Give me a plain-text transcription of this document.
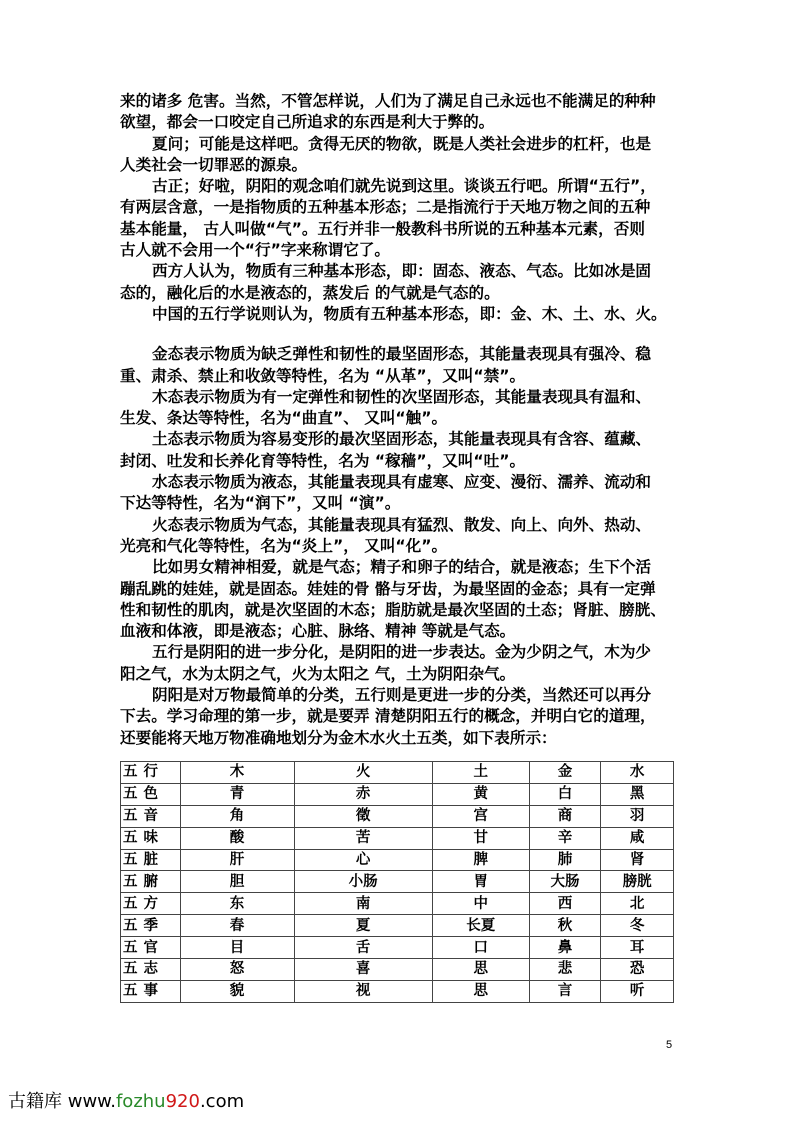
来的诸多 危害。当然，不管怎样说，人们为了满足自己永远也不能满足的种种
欲望，都会一口咬定自己所追求的东西是利大于弊的。
夏问；可能是这样吧。贪得无厌的物欲，既是人类社会进步的杠杆，也是
人类社会一切罪恶的源泉。
古正；好啦，阴阳的观念咱们就先说到这里。谈谈五行吧。所谓“五行”，
有两层含意，一是指物质的五种基本形态；二是指流行于天地万物之间的五种
基本能量， 古人叫做“气”。五行并非一般教科书所说的五种基本元素，否则
古人就不会用一个“行”字来称谓它了。
西方人认为，物质有三种基本形态，即：固态、液态、气态。比如冰是固
态的，融化后的水是液态的，蒸发后 的气就是气态的。
中国的五行学说则认为，物质有五种基本形态，即：金、木、土、水、火。
金态表示物质为缺乏弹性和韧性的最坚固形态，其能量表现具有强冷、稳
重、肃杀、禁止和收敛等特性，名为 “从革”，又叫“禁”。
木态表示物质为有一定弹性和韧性的次坚固形态，其能量表现具有温和、
生发、条达等特性，名为“曲直”、 又叫“触”。
土态表示物质为容易变形的最次坚固形态，其能量表现具有含容、蕴藏、
封闭、吐发和长养化育等特性，名为 “稼穑”，又叫“吐”。
水态表示物质为液态，其能量表现具有虚寒、应变、漫衍、濡养、流动和
下达等特性，名为“润下”，又叫 “演”。
火态表示物质为气态，其能量表现具有猛烈、散发、向上、向外、热动、
光亮和气化等特性，名为“炎上”， 又叫“化”。
比如男女精神相爱，就是气态；精子和卵子的结合，就是液态；生下个活
蹦乱跳的娃娃，就是固态。娃娃的骨 骼与牙齿，为最坚固的金态；具有一定弹
性和韧性的肌肉，就是次坚固的木态；脂肪就是最次坚固的土态；肾脏、膀胱、
血液和体液，即是液态；心脏、脉络、精神 等就是气态。
五行是阴阳的进一步分化，是阴阳的进一步表达。金为少阴之气，木为少
阳之气，水为太阴之气，火为太阳之 气，土为阴阳杂气。
阴阳是对万物最简单的分类，五行则是更进一步的分类，当然还可以再分
下去。学习命理的第一步，就是要弄 清楚阴阳五行的概念，并明白它的道理，
还要能将天地万物准确地划分为金木水火土五类，如下表所示：
五行	木	火	土	金	水
五色	青	赤	黄	白	黑
五音	角	徵	宫	商	羽
五味	酸	苦	甘	辛	咸
五脏	肝	心	脾	肺	肾
五腑	胆	小肠	胃	大肠	膀胱
五方	东	南	中	西	北
五季	春	夏	长夏	秋	冬
五官	目	舌	口	鼻	耳
五志	怒	喜	思	悲	恐
五事	貌	视	思	言	听
5
古籍库 www.fozhu920.com
